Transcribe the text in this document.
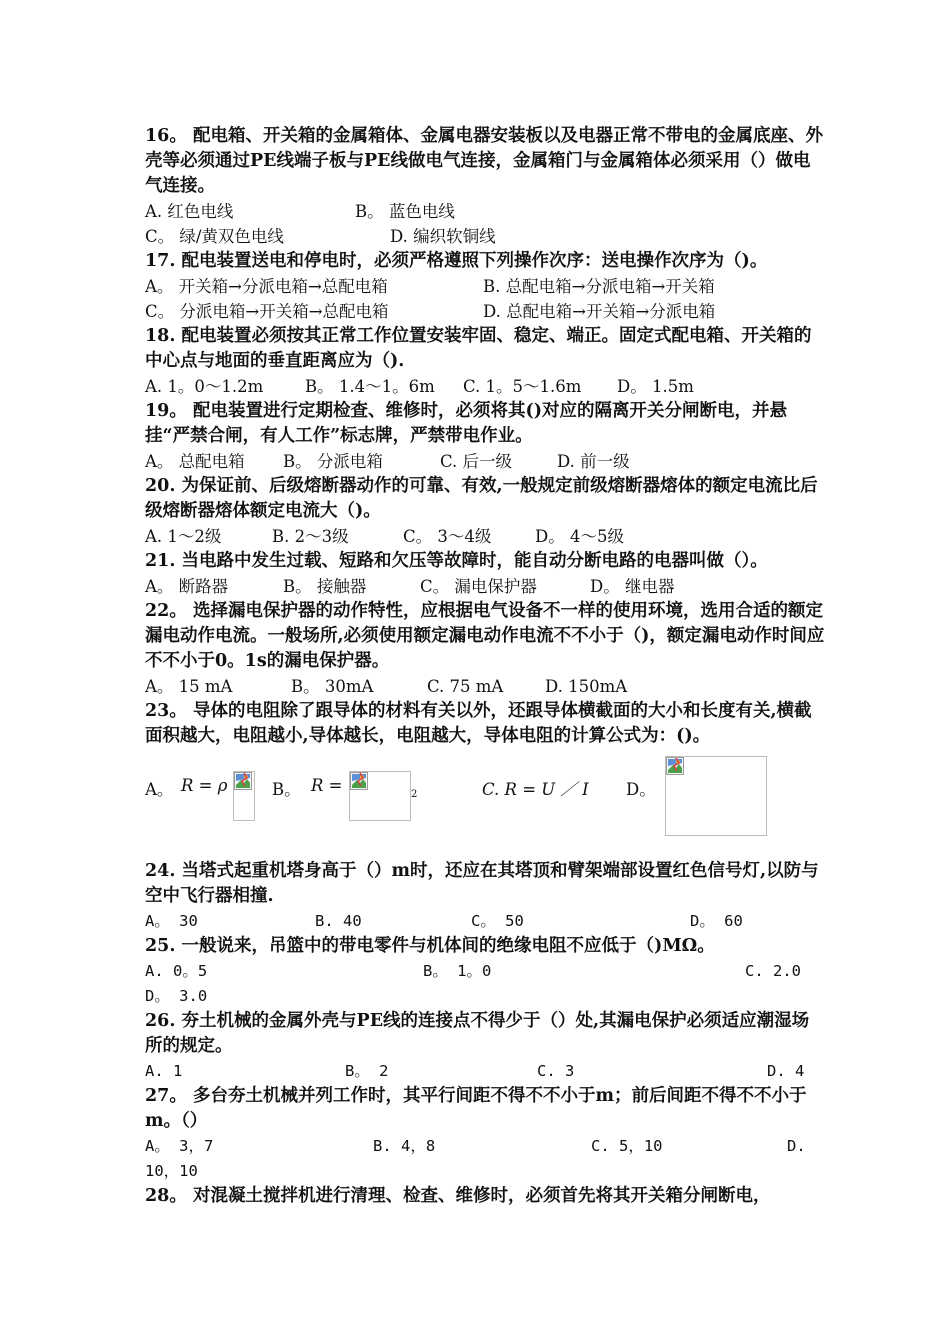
16。 配电箱、开关箱的金属箱体、金属电器安装板以及电器正常不带电的金属底座、外壳等必须通过PE线端子板与PE线做电气连接，金属箱门与金属箱体必须采用（）做电气连接。
A. 红色电线	B。 蓝色电线
C。 绿/黄双色电线	D. 编织软铜线
17. 配电装置送电和停电时，必须严格遵照下列操作次序：送电操作次序为（)。
A。 开关箱→分派电箱→总配电箱	B. 总配电箱→分派电箱→开关箱
C。 分派电箱→开关箱→总配电箱	D. 总配电箱→开关箱→分派电箱
18. 配电装置必须按其正常工作位置安装牢固、稳定、端正。固定式配电箱、开关箱的中心点与地面的垂直距离应为（).
A. 1。0～1.2m	B。 1.4～1。6m C. 1。5～1.6m D。 1.5m
19。 配电装置进行定期检查、维修时，必须将其()对应的隔离开关分闸断电，并悬挂“严禁合闸，有人工作”标志牌，严禁带电作业。
A。 总配电箱 B。 分派电箱	C. 后一级	D. 前一级
20. 为保证前、后级熔断器动作的可靠、有效,一般规定前级熔断器熔体的额定电流比后级熔断器熔体额定电流大（)。
A. 1～2级	B. 2～3级	C。 3～4级	D。 4～5级
21. 当电路中发生过载、短路和欠压等故障时，能自动分断电路的电器叫做（）。
A。 断路器	B。 接触器	C。 漏电保护器	D。 继电器
22。 选择漏电保护器的动作特性，应根据电气设备不一样的使用环境，选用合适的额定漏电动作电流。一般场所,必须使用额定漏电动作电流不不小于（)，额定漏电动作时间应不不小于0。1s的漏电保护器。
A。 15 mA	B。 30mA	C. 75 mA	D. 150mA
23。 导体的电阻除了跟导体的材料有关以外，还跟导体横截面的大小和长度有关,横截面积越大，电阻越小,导体越长，电阻越大，导体电阻的计算公式为：()。
A。 R = ρ	B。 R =	2	C. R = U ／ I D。
24. 当塔式起重机塔身高于（）m时，还应在其塔顶和臂架端部设置红色信号灯,以防与空中飞行器相撞.
A。 30	B. 40	C。 50	D。 60
25. 一般说来，吊篮中的带电零件与机体间的绝缘电阻不应低于（)MΩ。
A. 0。5	B。 1。0	C. 2.0
D。 3.0
26. 夯土机械的金属外壳与PE线的连接点不得少于（）处,其漏电保护必须适应潮湿场所的规定。
A. 1	B。 2	C. 3	D. 4
27。 多台夯土机械并列工作时，其平行间距不得不不小于m；前后间距不得不不小于m。（）
A。 3，7	B. 4，8	C. 5，10	D.
10，10
28。 对混凝土搅拌机进行清理、检查、维修时，必须首先将其开关箱分闸断电，
